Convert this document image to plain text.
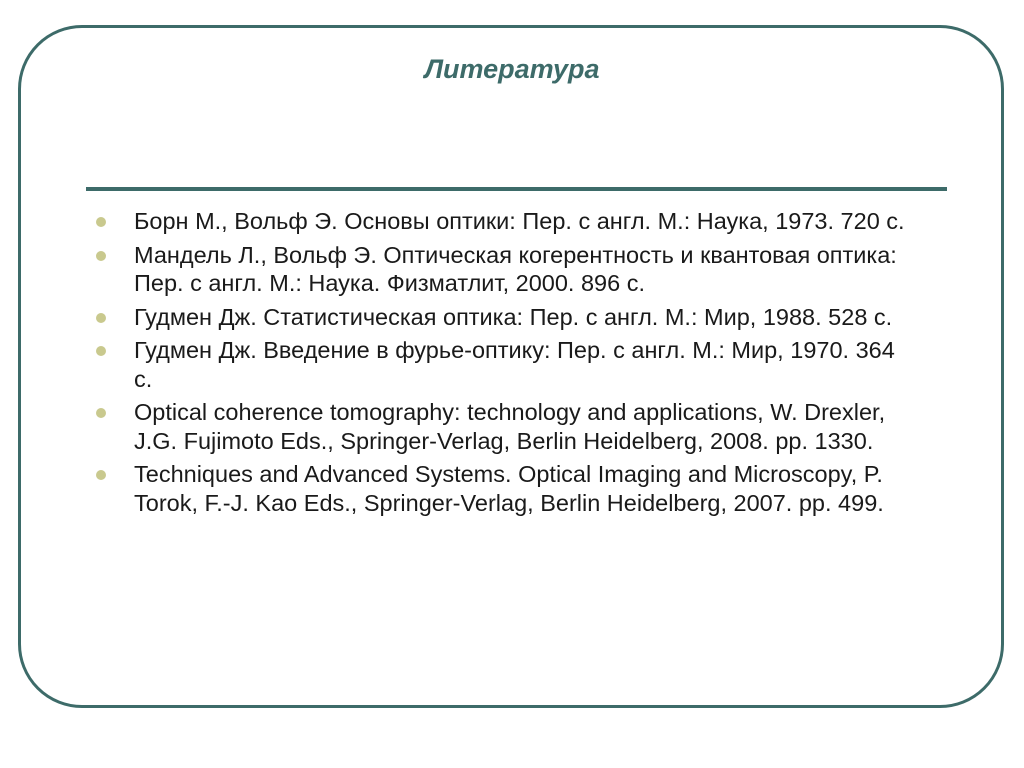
Литература
Борн М., Вольф Э. Основы оптики: Пер. с англ. М.: Наука, 1973. 720 с.
Мандель Л., Вольф Э. Оптическая когерентность и квантовая оптика: Пер. с англ. М.: Наука. Физматлит, 2000. 896 с.
Гудмен Дж. Статистическая оптика: Пер. с англ. М.: Мир, 1988. 528 с.
Гудмен Дж. Введение в фурье-оптику: Пер. с англ. М.: Мир, 1970. 364 с.
Optical coherence tomography: technology and applications, W. Drexler, J.G. Fujimoto Eds., Springer-Verlag, Berlin Heidelberg, 2008. pp. 1330.
Techniques and Advanced Systems. Optical Imaging and Microscopy, P. Torok, F.-J. Kao Eds., Springer-Verlag, Berlin Heidelberg, 2007. pp. 499.
